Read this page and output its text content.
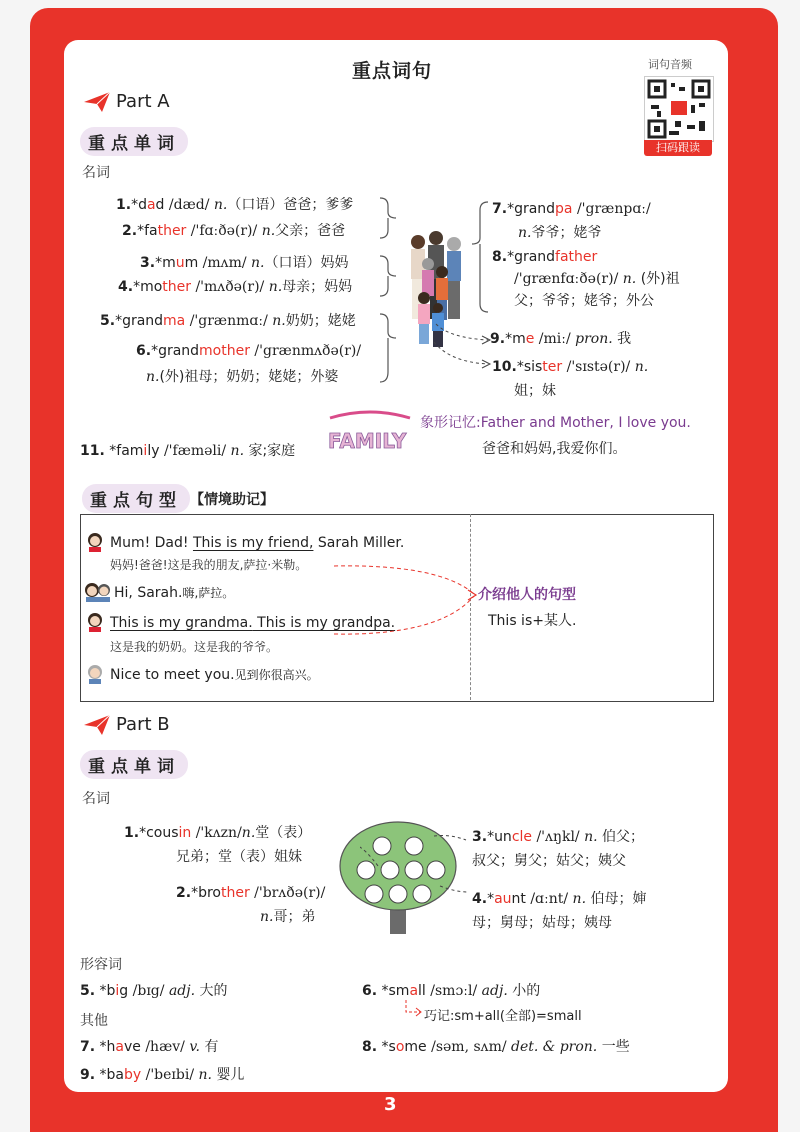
重点词句	词句音频
扫码跟读
Part A
重点单词
名词
1.*dad /dæd/ n.（口语）爸爸；爹爹
2.*father /'fɑːðə(r)/ n.父亲；爸爸
3.*mum /mʌm/ n.（口语）妈妈
4.*mother /'mʌðə(r)/ n.母亲；妈妈
5.*grandma /'grænmɑː/ n.奶奶；姥姥
6.*grandmother /'grænmʌðə(r)/
n.(外)祖母；奶奶；姥姥；外婆
7.*grandpa /'grænpɑː/
n.爷爷；姥爷
8.*grandfather
/'grænfɑːðə(r)/ n. (外)祖
父；爷爷；姥爷；外公
9.*me /miː/ pron. 我
10.*sister /'sɪstə(r)/ n.
姐；妹
11. *family /'fæməli/ n. 家;家庭 FAMILY
象形记忆:Father and Mother, I love you.
爸爸和妈妈,我爱你们。
重点句型 【情境助记】
Mum! Dad! This is my friend, Sarah Miller.
妈妈!爸爸!这是我的朋友,萨拉·米勒。
Hi, Sarah.嗨,萨拉。
This is my grandma. This is my grandpa.
这是我的奶奶。这是我的爷爷。
Nice to meet you.见到你很高兴。
介绍他人的句型
This is+某人.
Part B
重点单词
名词
1.*cousin /'kʌzn/n.堂（表）
兄弟；堂（表）姐妹
2.*brother /'brʌðə(r)/
n.哥；弟
3.*uncle /'ʌŋkl/ n. 伯父；
叔父；舅父；姑父；姨父
4.*aunt /ɑːnt/ n. 伯母；婶
母；舅母；姑母；姨母
形容词
5. *big /bɪg/ adj. 大的	6. *small /smɔːl/ adj. 小的
巧记:sm+all(全部)=small
其他
7. *have /hæv/ v. 有	8. *some /səm, sʌm/ det. & pron. 一些
9. *baby /'beɪbi/ n. 婴儿
3
